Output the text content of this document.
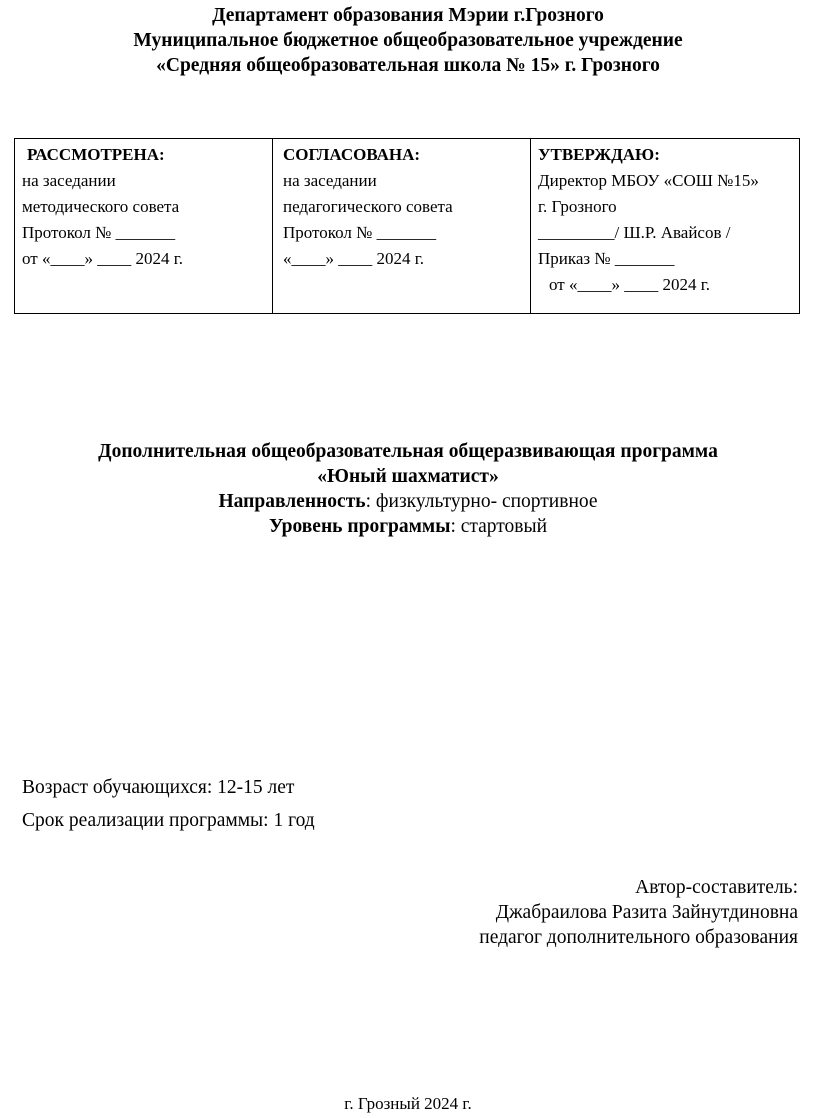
Департамент образования Мэрии г.Грозного
Муниципальное бюджетное общеобразовательное учреждение
«Средняя общеобразовательная школа № 15» г. Грозного
РАССМОТРЕНА:
на заседании
методического совета
Протокол № _______
от «____» ____ 2024 г.
СОГЛАСОВАНА:
на заседании
педагогического совета
Протокол № _______
«____» ____ 2024 г.
УТВЕРЖДАЮ:
Директор МБОУ «СОШ №15»
г. Грозного
_________/ Ш.Р. Авайсов /
Приказ № _______
от «____» ____ 2024 г.
Дополнительная общеобразовательная общеразвивающая программа
«Юный шахматист»
Направленность: физкультурно- спортивное
Уровень программы: стартовый
Возраст обучающихся: 12-15 лет
Срок реализации программы: 1 год
Автор-составитель:
Джабраилова Разита Зайнутдиновна
педагог дополнительного образования
г. Грозный 2024 г.
